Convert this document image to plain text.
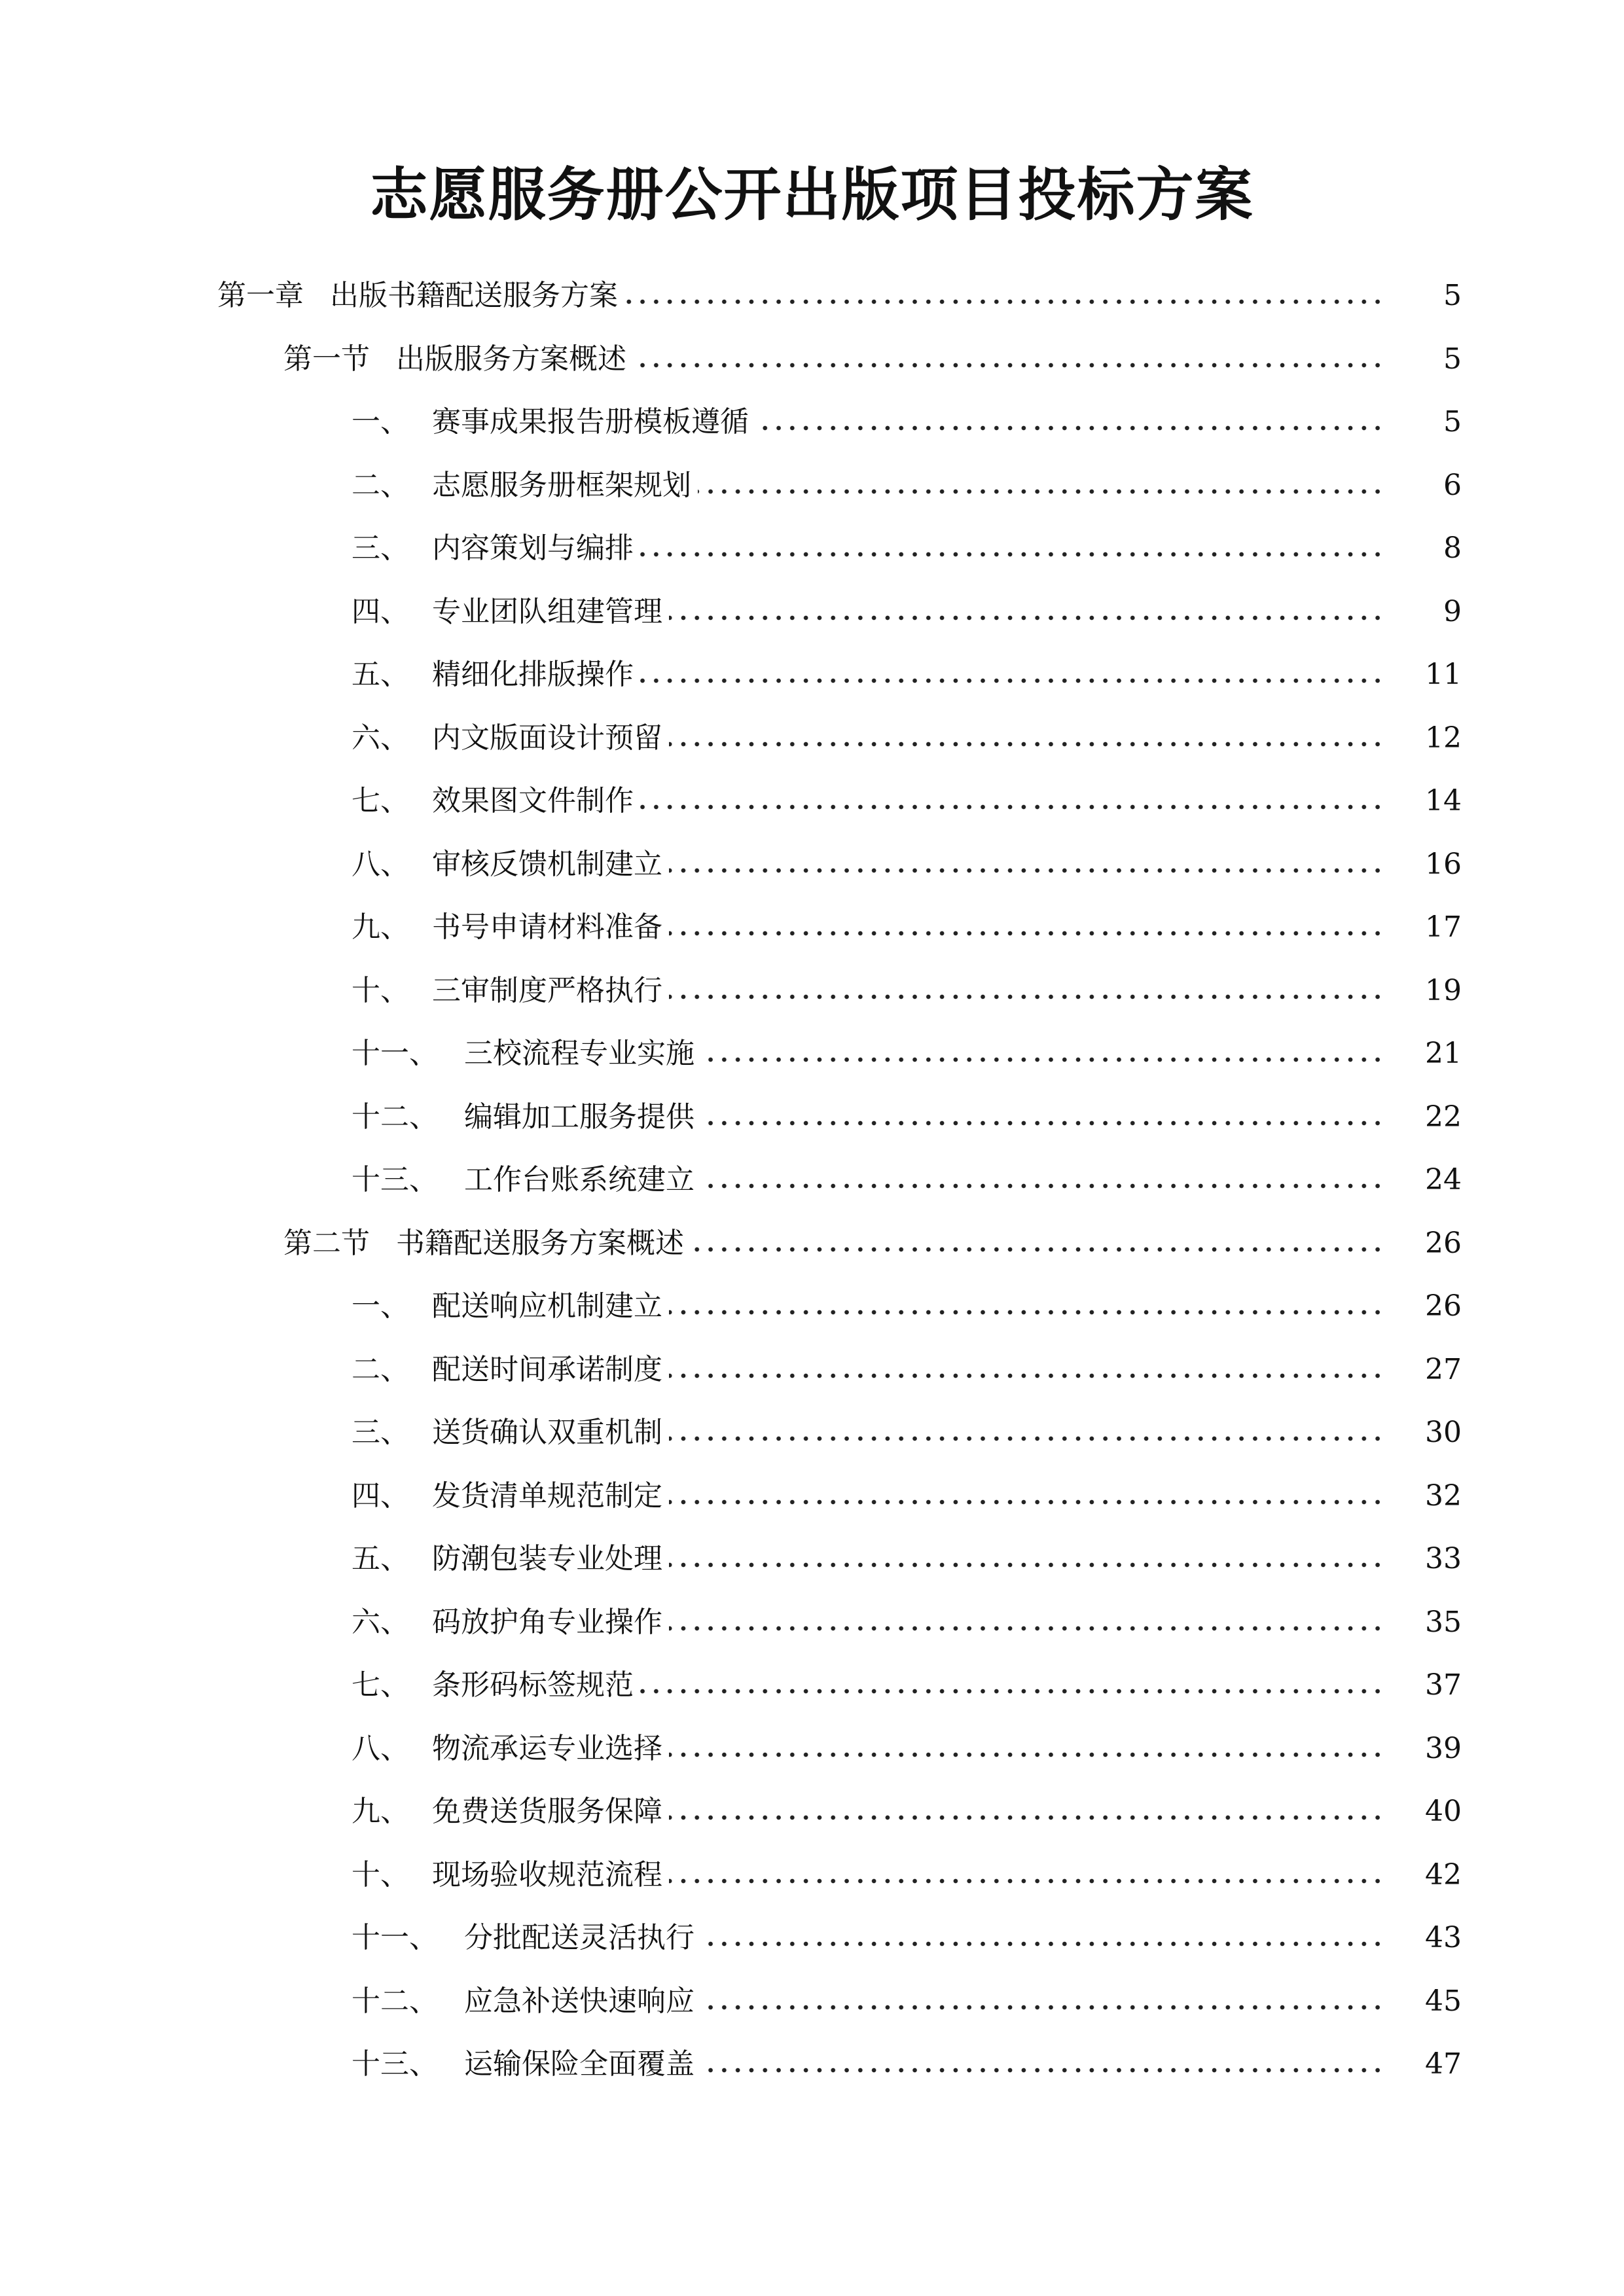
志愿服务册公开出版项目投标方案
第一章 出版书籍配送服务方案	5
第一节 出版服务方案概述	5
一、 赛事成果报告册模板遵循	5
二、 志愿服务册框架规划	6
三、 内容策划与编排	8
四、 专业团队组建管理	9
五、 精细化排版操作	11
六、 内文版面设计预留	12
七、 效果图文件制作	14
八、 审核反馈机制建立	16
九、 书号申请材料准备	17
十、 三审制度严格执行	19
十一、 三校流程专业实施	21
十二、 编辑加工服务提供	22
十三、 工作台账系统建立	24
第二节 书籍配送服务方案概述	26
一、 配送响应机制建立	26
二、 配送时间承诺制度	27
三、 送货确认双重机制	30
四、 发货清单规范制定	32
五、 防潮包装专业处理	33
六、 码放护角专业操作	35
七、 条形码标签规范	37
八、 物流承运专业选择	39
九、 免费送货服务保障	40
十、 现场验收规范流程	42
十一、 分批配送灵活执行	43
十二、 应急补送快速响应	45
十三、 运输保险全面覆盖	47
